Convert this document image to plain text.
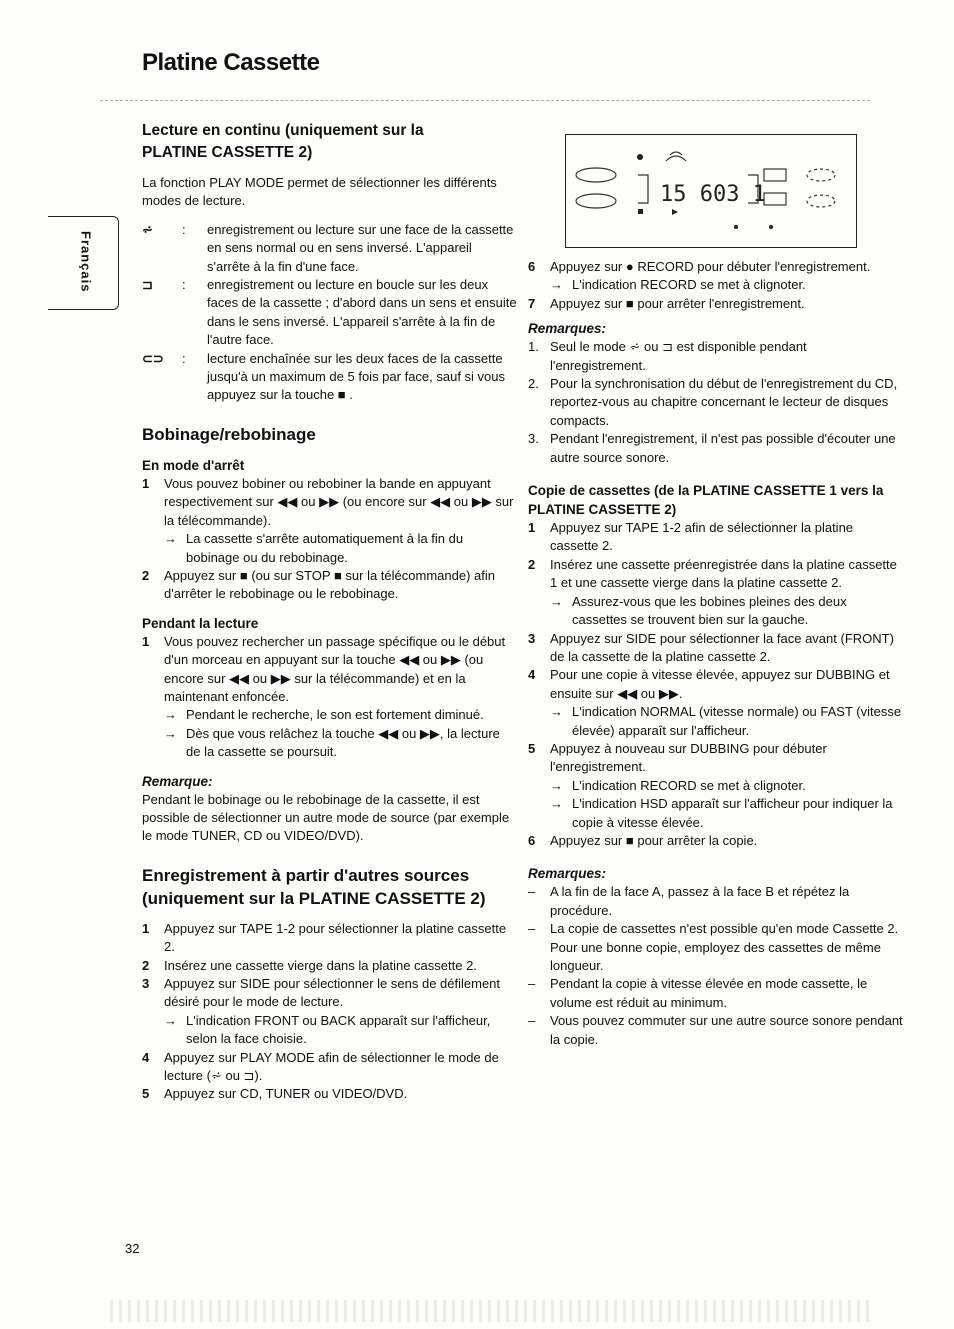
Platine Cassette
Français
Lecture en continu (uniquement sur la
PLATINE CASSETTE 2)

La fonction PLAY MODE permet de sélectionner les différents modes de lecture.

⩫	:	enregistrement ou lecture sur une face de la cassette en sens normal ou en sens inversé. L'appareil s'arrête à la fin d'une face.
⊐	:	enregistrement ou lecture en boucle sur les deux faces de la cassette ; d'abord dans un sens et ensuite dans le sens inversé. L'appareil s'arrête à la fin de l'autre face.
⊂⊃	:	lecture enchaînée sur les deux faces de la cassette jusqu'à un maximum de 5 fois par face, sauf si vous appuyez sur la touche ■ .
Bobinage/rebobinage
En mode d'arrêt
1	Vous pouvez bobiner ou rebobiner la bande en appuyant respectivement sur ◀◀ ou ▶▶ (ou encore sur ◀◀ ou ▶▶ sur la télécommande).
→ La cassette s'arrête automatiquement à la fin du bobinage ou du rebobinage.
2	Appuyez sur ■ (ou sur STOP ■ sur la télécommande) afin d'arrêter le rebobinage ou le rebobinage.
Pendant la lecture
1	Vous pouvez rechercher un passage spécifique ou le début d'un morceau en appuyant sur la touche ◀◀ ou ▶▶ (ou encore sur ◀◀ ou ▶▶ sur la télécommande) et en la maintenant enfoncée.
→ Pendant le recherche, le son est fortement diminué.
→ Dès que vous relâchez la touche ◀◀ ou ▶▶, la lecture de la cassette se poursuit.
Remarque:

Pendant le bobinage ou le rebobinage de la cassette, il est possible de sélectionner un autre mode de source (par exemple le mode TUNER, CD ou VIDEO/DVD).

Enregistrement à partir d'autres sources
(uniquement sur la PLATINE CASSETTE 2)
1	Appuyez sur TAPE 1-2 pour sélectionner la platine cassette 2.
2	Insérez une cassette vierge dans la platine cassette 2.
3	Appuyez sur SIDE pour sélectionner le sens de défilement désiré pour le mode de lecture.
→ L'indication FRONT ou BACK apparaît sur l'afficheur, selon la face choisie.
4	Appuyez sur PLAY MODE afin de sélectionner le mode de lecture (⩫ ou ⊐).
5	Appuyez sur CD, TUNER ou VIDEO/DVD.
15 603 1
6	Appuyez sur ● RECORD pour débuter l'enregistrement.
→ L'indication RECORD se met à clignoter.
7	Appuyez sur ■ pour arrêter l'enregistrement.
Remarques:
1. Seul le mode ⩫ ou ⊐ est disponible pendant l'enregistrement.
2. Pour la synchronisation du début de l'enregistrement du CD, reportez-vous au chapitre concernant le lecteur de disques compacts.
3. Pendant l'enregistrement, il n'est pas possible d'écouter une autre source sonore.
Copie de cassettes (de la PLATINE CASSETTE 1 vers la
PLATINE CASSETTE 2)
1	Appuyez sur TAPE 1-2 afin de sélectionner la platine cassette 2.
2	Insérez une cassette préenregistrée dans la platine cassette 1 et une cassette vierge dans la platine cassette 2.
→ Assurez-vous que les bobines pleines des deux cassettes se trouvent bien sur la gauche.
3	Appuyez sur SIDE pour sélectionner la face avant (FRONT) de la cassette de la platine cassette 2.
4	Pour une copie à vitesse élevée, appuyez sur DUBBING et ensuite sur ◀◀ ou ▶▶.
→ L'indication NORMAL (vitesse normale) ou FAST (vitesse élevée) apparaît sur l'afficheur.
5	Appuyez à nouveau sur DUBBING pour débuter l'enregistrement.
→ L'indication RECORD se met à clignoter.
→ L'indication HSD apparaît sur l'afficheur pour indiquer la copie à vitesse élevée.
6	Appuyez sur ■ pour arrêter la copie.
Remarques:
–	A la fin de la face A, passez à la face B et répétez la procédure.
–	La copie de cassettes n'est possible qu'en mode Cassette 2. Pour une bonne copie, employez des cassettes de même longueur.
–	Pendant la copie à vitesse élevée en mode cassette, le volume est réduit au minimum.
–	Vous pouvez commuter sur une autre source sonore pendant la copie.
32
